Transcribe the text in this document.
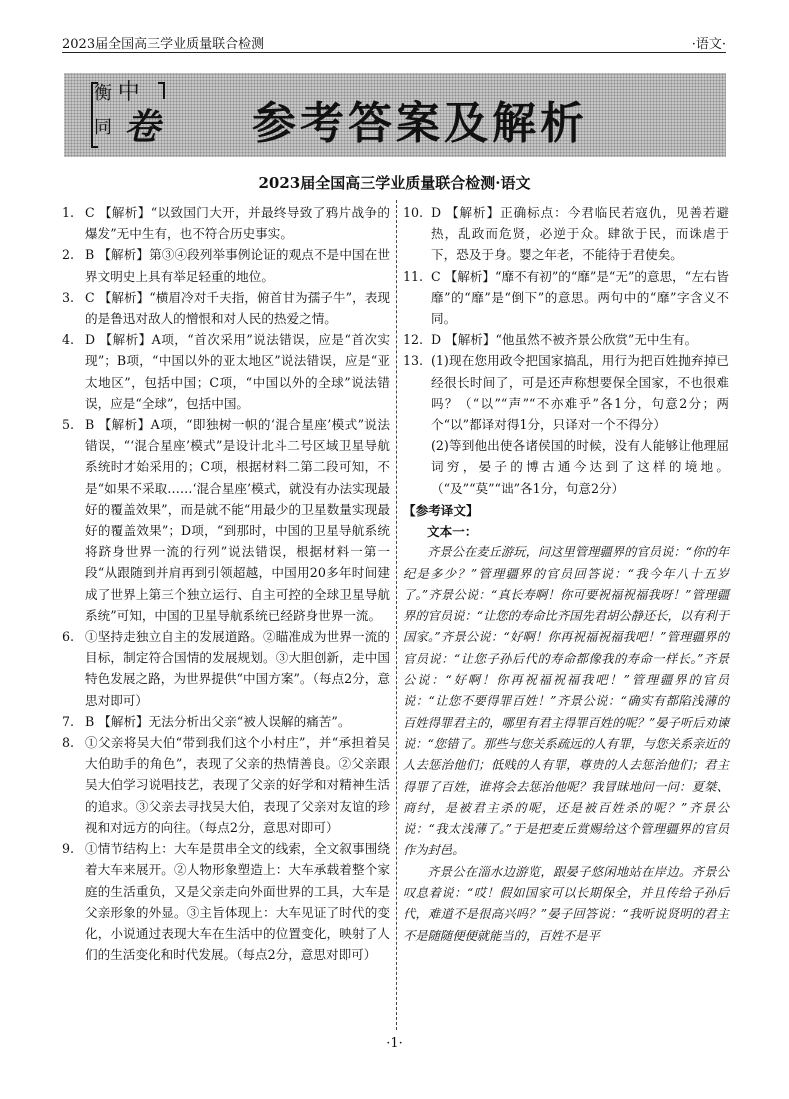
2023届全国高三学业质量联合检测	·语文·
衡 中
同 卷 参考答案及解析
2023届全国高三学业质量联合检测·语文
1. C 【解析】“以致国门大开，并最终导致了鸦片战争的爆发”无中生有，也不符合历史事实。
2. B 【解析】第③④段列举事例论证的观点不是中国在世界文明史上具有举足轻重的地位。
3. C 【解析】“横眉冷对千夫指，俯首甘为孺子牛”，表现的是鲁迅对敌人的憎恨和对人民的热爱之情。
4. D 【解析】A项，“首次采用”说法错误，应是“首次实现”；B项，“中国以外的亚太地区”说法错误，应是“亚太地区”，包括中国；C项，“中国以外的全球”说法错误，应是“全球”，包括中国。
5. B 【解析】A项，“即独树一帜的‘混合星座’模式”说法错误，“‘混合星座’模式”是设计北斗二号区域卫星导航系统时才始采用的；C项，根据材料二第二段可知，不是“如果不采取……‘混合星座’模式，就没有办法实现最好的覆盖效果”，而是就不能“用最少的卫星数量实现最好的覆盖效果”；D项，“到那时，中国的卫星导航系统将跻身世界一流的行列”说法错误，根据材料一第一段“从跟随到并肩再到引领超越，中国用20多年时间建成了世界上第三个独立运行、自主可控的全球卫星导航系统”可知，中国的卫星导航系统已经跻身世界一流。
6. ①坚持走独立自主的发展道路。②瞄准成为世界一流的目标，制定符合国情的发展规划。③大胆创新，走中国特色发展之路，为世界提供“中国方案”。（每点2分，意思对即可）
7. B 【解析】无法分析出父亲“被人误解的痛苦”。
8. ①父亲将吴大伯“带到我们这个小村庄”，并“承担着吴大伯助手的角色”，表现了父亲的热情善良。②父亲跟吴大伯学习说唱技艺，表现了父亲的好学和对精神生活的追求。③父亲去寻找吴大伯，表现了父亲对友谊的珍视和对远方的向往。（每点2分，意思对即可）
9. ①情节结构上：大车是贯串全文的线索，全文叙事围绕着大车来展开。②人物形象塑造上：大车承载着整个家庭的生活重负，又是父亲走向外面世界的工具，大车是父亲形象的外显。③主旨体现上：大车见证了时代的变化，小说通过表现大车在生活中的位置变化，映射了人们的生活变化和时代发展。（每点2分，意思对即可）
10. D 【解析】正确标点：今君临民若寇仇，见善若避热，乱政而危贤，必逆于众。肆欲于民，而诛虐于下，恐及于身。婴之年老，不能待于君使矣。
11. C 【解析】“靡不有初”的“靡”是“无”的意思，“左右皆靡”的“靡”是“倒下”的意思。两句中的“靡”字含义不同。
12. D 【解析】“他虽然不被齐景公欣赏”无中生有。
13. (1)现在您用政令把国家搞乱，用行为把百姓抛弃掉已经很长时间了，可是还声称想要保全国家，不也很难吗？（“以”“声”“不亦难乎”各1分，句意2分；两个“以”都译对得1分，只译对一个不得分）
(2)等到他出使各诸侯国的时候，没有人能够让他理屈词穷，晏子的博古通今达到了这样的境地。（“及”“莫”“诎”各1分，句意2分）
【参考译文】
文本一：
齐景公在麦丘游玩，问这里管理疆界的官员说：“你的年纪是多少？”管理疆界的官员回答说：“我今年八十五岁了。”齐景公说：“真长寿啊！你可要祝福祝福我呀！”管理疆界的官员说：“让您的寿命比齐国先君胡公静还长，以有利于国家。”齐景公说：“好啊！你再祝福祝福我吧！”管理疆界的官员说：“让您子孙后代的寿命都像我的寿命一样长。”齐景公说：“好啊！你再祝福祝福我吧！”管理疆界的官员说：“让您不要得罪百姓！”齐景公说：“确实有都陷浅薄的百姓得罪君主的，哪里有君主得罪百姓的呢？”晏子听后劝谏说：“您错了。那些与您关系疏远的人有罪，与您关系亲近的人去惩治他们；低贱的人有罪，尊贵的人去惩治他们；君主得罪了百姓，谁将会去惩治他呢？我冒昧地问一问：夏桀、商纣，是被君主杀的呢，还是被百姓杀的呢？”齐景公说：“我太浅薄了。”于是把麦丘赏赐给这个管理疆界的官员作为封邑。
齐景公在淄水边游览，跟晏子悠闲地站在岸边。齐景公叹息着说：“哎！假如国家可以长期保全，并且传给子孙后代，难道不是很高兴吗？”晏子回答说：“我听说贤明的君主不是随随便便就能当的，百姓不是平
·1·
